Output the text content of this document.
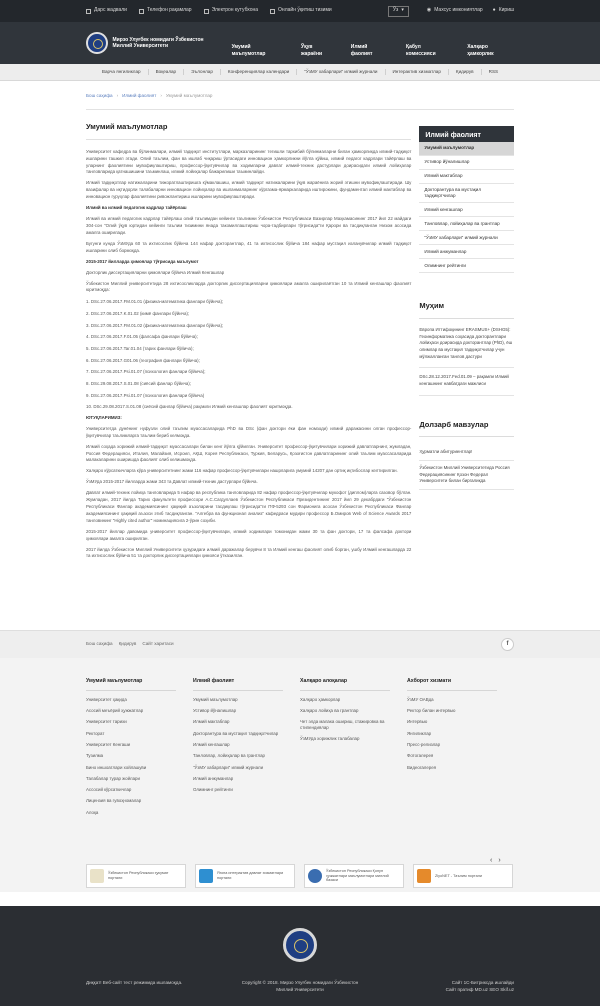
Дарс жадвали	Телефон рақамлар	Электрон кутубхона	Онлайн ўқитиш тизими	Ўз ▾	◉ Махсус имкониятлар ● Кириш
Мирзо Улуғбек номидаги Ўзбекистон Миллий Университети	Умумий маълумотлар
Ўқув жараёни
Илмий фаолият
Қабул комиссияси
Халқаро ҳамкорлик
Варча янгиликлар	Воқеалар	Эълонлар	Конференциялар календари	"ЎзМУ хабарлари" илмий журнали	Интерактив хизматлар	Қидирув	RSS
Бош саҳифа › Илмий фаолият › Умумий маълумотлар
Умумий маълумотлар

Университет кафедра ва бўлинмалари, илмий тадқиқот институтлари, марказларининг тегишли таркибий бўлинмаларни билан ҳамкорликда илмий-тадқиқот ишларини ташкил этади. Олий таълим, фан ва ишлаб чиқариш ўртасидаги инновацион ҳамкорликни йўлга қўйиш, илмий педагог кадрлари тайёрлаш ва уларнинг фаолиятини мувофиқлаштириш, профессор-ўқитувчилар ва ходимларни давлат илмий-техник дастурлари доирасидаги илмий лойиҳалар танловларида қатнашишини таъминлаш, илмий лойиҳалар бажарилиши таъминлайди.

Илмий тадқиқотлар натижаларини тижоратлаштиришга кўмаклашиш, илмий тадқиқот натижаларини ўқув жараёнига жорий этишни мувофиқлаштиради. Шу вазифалар ва иқтидорли талабаларни инновацион лойиҳалар ва ишланмаларнинг кўргазма-ярмаркаларида иштирокини, фундаментал илмий мактаблар ва инновацион гуруҳлар фаолиятини ривожлантириш ишларини мувофиқлаштиради.

Илмий ва илмий педагогик кадрлар тайёрлаш

Илмий ва илмий педагогик кадрлар тайёрлаш олий таълимдан кейинги таълимни Ўзбекистон Республикаси Вазирлар Маҳкамасининг 2017 йил 22 майдаги 304-сон "Олий ўқув юртидан кейинги таълим тизимини янада такомиллаштириш чора-тадбирлари тўғрисида"ги Қарори ва тасдиқланган Низом асосида амалга оширилади.

Бугунги кунда ЎзМУда 60 та ихтисослик бўйича 144 нафар докторантлар, 41 та ихтисослик бўйича 184 нафар мустақил изланувчилар илмий тадқиқот ишларини олиб бормоқда.

2015-2017 йилларда ҳимоялар тўғрисида маълумот

Докторлик диссертацияларни ҳимоялари бўйича Илмий Кенгашлар

Ўзбекистон Миллий университетида 28 ихтисосликларда докторлик диссертацияларни ҳимоялари амалга оширилаётган 10 та Илмий кенгашлар фаолият юритмоқда:

1. DSc.27.06.2017.FM.01.01 (физика-математика фанлари бўйича);
2. DSc.27.06.2017.K.01.02 (кимё фанлари бўйича);
3. DSc.27.06.2017.FM.01.02 (физика-математика фанлари бўйича);
4. DSc.27.06.2017.F.01.05 (фалсафа фанлари бўйича);
5. DSc.27.06.2017.Tar.01.04 (тарих фанлари бўйича);
6. DSc.27.06.2017.G01.06 (география фанлари бўйича);
7. DSc.27.06.2017.Psi.01.07 (психология фанлари бўйича);
8. DSc.29.08.2017.S.01.08 (сиёсий фанлар бўйича);
9. DSc.27.06.2017.Psi.01.07 (психология фанлари бўйича)
10. DSc.29.08.2017.S.01.08 (сиёсий фанлар бўйича) рақамли Илмий кенгашлар фаолият юритмоқда.

ЮТУҚЛАРИМИЗ:

Университетда дунёнинг нуфузли олий таълим муассасаларида PhD ва DSc (фан доктори ёки фан номзоди) илмий даражасини олган профессор-ўқитувчилар таълимларга таълим бериб келмоқда.

Илмий соҳада хорижий илмий-тадқиқот муассасалари билан кенг йўлга қўйилган. Университет профессор-ўқитувчилари хорижий давлатларнинг, жумладан, Россия Федерацияси, Италия, Малайзия, Исроил, АҚШ, Корея Республикаси, Туркия, Беларусь, Қозоғистон давлатларининг олий таълим муассасаларида малакаларини оширишда фаолият олиб келишмоқда.

Халқаро кўрсаткичларга кўра университетнинг жами 116 нафар профессор-ўқитувчилари нашрларига умумий 14207 дан ортиқ иқтибослар келтирилган.

ЎзМУда 2015-2017 йилларда жами 343 та Давлат илмий-техник дастурлари бўйича.

Давлат илмий-техник лойиҳа танловларида 5 нафар ва республика танловларида 82 нафар профессор-ўқитувчилар мукофот (диплом)ларга сазовор бўлган. Жумладан, 2017 йилда Тарих факультети профессори А.С.Сагдуллаев Ўзбекистон Республикаси Президентининг 2017 йил 29 декабрдаги "Ўзбекистон Республикаси Фанлар академиясининг ҳақиқий аъзоларини тасдиқлаш тўғрисида"ги ПФ-5293 сон Фармонига асосан Ўзбекистон Республикаси Фанлар академиясининг ҳақиқий аъзоси этиб тасдиқланган. "Алгебра ва функционал анализ" кафедраси мудири профессор Б.Омиров Web of Science Awards 2017 танловининг "Highly cited author" номинациясига 2-ўрин соҳиби.

2015-2017 йиллар давомида университет профессор-ўқитувчилари, илмий ходимлари томонидан жами 30 та фан доктори, 17 та фалсафа доктори ҳимоялари амалга оширилган.

2017 йилда Ўзбекистон Миллий Университети ҳузуридаги илмий даражалар берувчи 8 та Илмий кенгаш фаолият олиб борган, ушбу Илмий кенгашларда 22 та ихтисослик бўйича 51 та докторлик диссертациялари ҳимояси ўтказилган.

Илмий фаолият
Умумий маълумотлар
Устивор йўналишлар
Илмий мактаблар
Докторантура ва мустақил тадқиқотчилар
Илмий кенгашлар
Танловлар, лойиҳалар ва грантлар
"ЎзМУ хабарлари" илмий журнали
Илмий анжуманлар
Олимнинг рейтинги
Муҳим
Европа Иттифоқининг ERASMUS+ (DSHG5): Геоинформатика соҳасида докторантлари лойиҳаси доирасида докторантлар (PhD), ёш олимлар ва мустақил тадқиқотчилар учун мўлжалланган танлов дастури
DSc.28.12.2017.Fed.01.09 – рақамли Илмий кенгашнинг навбатдаги мажлиси
Долзарб мавзулар
Ҳурматли абитуриентлар!
Ўзбекистон Миллий Университетида Россия Федерациясининг Қозон Федерал Университети билан биргаликда
Бош саҳифа Қидирув Сайт харитаси	f
Умумий маълумотлар
Университет ҳақида
Асосий меъёрий ҳужжатлар
Университет тарихи
Ректорат
Университет Кенгаши
Тузилма
Бино иншоатлари хойлашуви
Талабалар турар жойлари
Ассосий кўрсаткичлар
Лицензия ва гувоҳномалар
Алоқа
Илмий фаолият
Умумий маълумотлар
Устивор йўналишлар
Илмий мактаблар
Докторантура ва мустақил тадқиқотчилар
Илмий кенгашлар
Танловлар, лойиҳалар ва грантлар
"ЎзМУ хабарлари" илмий журнали
Илмий анжуманлар
Олимнинг рейтинги
Халқаро алоқалар
Халқаро ҳамкорлар
Халқаро лойиҳа ва грантлар
Чет элда малака ошириш, стажировка ва стипендиялар
ЎзМУда хорижлик талабалар
Ахборот хизмати
ЎзМУ ОАВда
Ректор билан интервью
Интервью
Янгиликлар
Пресс-релизлар
Фотогалерея
Видеогалерея
‹ ›
Ўзбекистон Республикаси ҳукумат портали
Ягона интерактив давлат хизматлари портали
Ўзбекистон Республикаси Қонун ҳужжатлари маълумотлари миллий базаси
ZiyoNET - Таълим портали
Диққат! Веб-сайт тест режимида ишламоқда.	Copyright © 2018. Мирзо Улуғбек номидаги Ўзбекистон Миллий Университети
Сайт 1С-Битриксда ишлайди
Сайт пратиф MD.uz SEO Skif.uz
